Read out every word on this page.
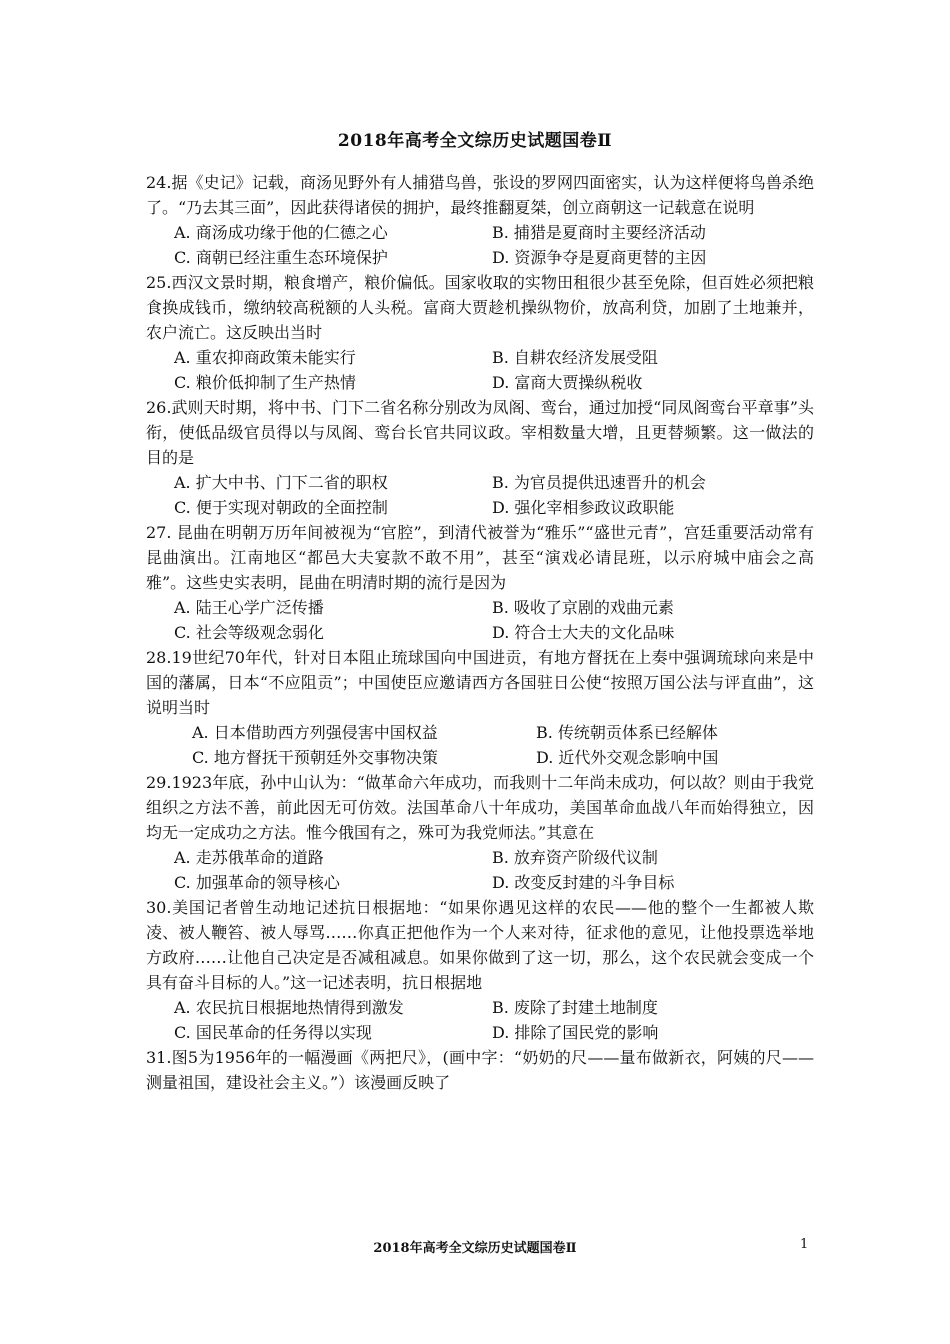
2018年高考全文综历史试题国卷Ⅱ
24.据《史记》记载，商汤见野外有人捕猎鸟兽，张设的罗网四面密实，认为这样便将鸟兽杀绝了。“乃去其三面”，因此获得诸侯的拥护，最终推翻夏桀，创立商朝这一记载意在说明
A. 商汤成功缘于他的仁德之心	B. 捕猎是夏商时主要经济活动
C. 商朝已经注重生态环境保护	D. 资源争夺是夏商更替的主因
25.西汉文景时期，粮食增产，粮价偏低。国家收取的实物田租很少甚至免除，但百姓必须把粮食换成钱币，缴纳较高税额的人头税。富商大贾趁机操纵物价，放高利贷，加剧了土地兼并，农户流亡。这反映出当时
A. 重农抑商政策未能实行	B. 自耕农经济发展受阻
C. 粮价低抑制了生产热情	D. 富商大贾操纵税收
26.武则天时期，将中书、门下二省名称分别改为凤阁、鸾台，通过加授“同凤阁鸾台平章事”头衔，使低品级官员得以与凤阁、鸾台长官共同议政。宰相数量大增，且更替频繁。这一做法的目的是
A. 扩大中书、门下二省的职权	B. 为官员提供迅速晋升的机会
C. 便于实现对朝政的全面控制	D. 强化宰相参政议政职能
27. 昆曲在明朝万历年间被视为“官腔”，到清代被誉为“雅乐”“盛世元青”，宫廷重要活动常有昆曲演出。江南地区“都邑大夫宴款不敢不用”，甚至“演戏必请昆班，以示府城中庙会之高雅”。这些史实表明，昆曲在明清时期的流行是因为
A. 陆王心学广泛传播	B. 吸收了京剧的戏曲元素
C. 社会等级观念弱化	D. 符合士大夫的文化品味
28.19世纪70年代，针对日本阻止琉球国向中国进贡，有地方督抚在上奏中强调琉球向来是中国的藩属，日本“不应阻贡”；中国使臣应邀请西方各国驻日公使“按照万国公法与评直曲”，这说明当时
A. 日本借助西方列强侵害中国权益	B. 传统朝贡体系已经解体
C. 地方督抚干预朝廷外交事物决策	D. 近代外交观念影响中国
29.1923年底，孙中山认为：“做革命六年成功，而我则十二年尚未成功，何以故？则由于我党组织之方法不善，前此因无可仿效。法国革命八十年成功，美国革命血战八年而始得独立，因均无一定成功之方法。惟今俄国有之，殊可为我党师法。”其意在
A. 走苏俄革命的道路	B. 放弃资产阶级代议制
C. 加强革命的领导核心	D. 改变反封建的斗争目标
30.美国记者曾生动地记述抗日根据地：“如果你遇见这样的农民——他的整个一生都被人欺凌、被人鞭笞、被人辱骂……你真正把他作为一个人来对待，征求他的意见，让他投票选举地方政府……让他自己决定是否减租减息。如果你做到了这一切，那么，这个农民就会变成一个具有奋斗目标的人。”这一记述表明，抗日根据地
A. 农民抗日根据地热情得到激发	B. 废除了封建土地制度
C. 国民革命的任务得以实现	D. 排除了国民党的影响
31.图5为1956年的一幅漫画《两把尺》，(画中字：“奶奶的尺——量布做新衣，阿姨的尺——测量祖国，建设社会主义。”）该漫画反映了
2018年高考全文综历史试题国卷Ⅱ	1
